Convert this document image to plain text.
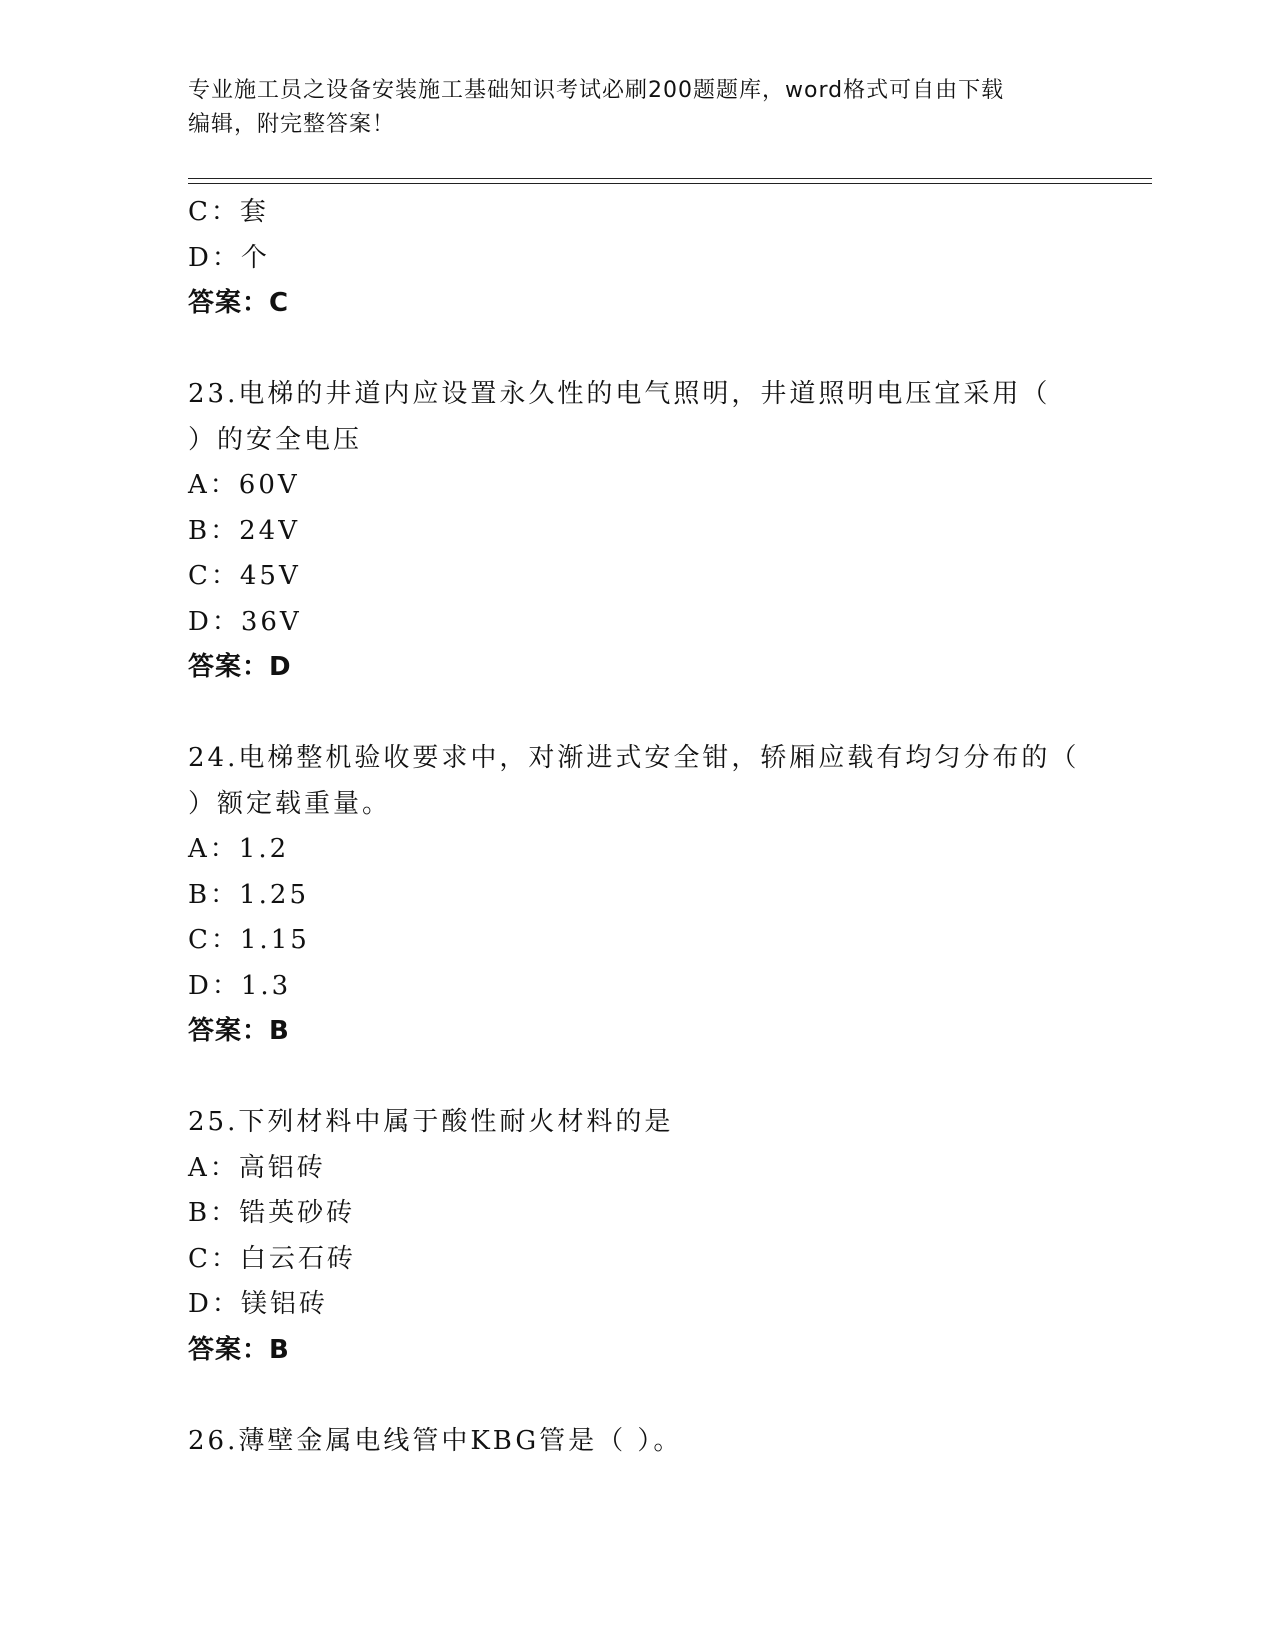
专业施工员之设备安装施工基础知识考试必刷200题题库，word格式可自由下载
编辑，附完整答案！
C：套
D：个
答案：C
23.电梯的井道内应设置永久性的电气照明，井道照明电压宜采用（
）的安全电压
A：60V
B：24V
C：45V
D：36V
答案：D
24.电梯整机验收要求中，对渐进式安全钳，轿厢应载有均匀分布的（
）额定载重量。
A：1.2
B：1.25
C：1.15
D：1.3
答案：B
25.下列材料中属于酸性耐火材料的是
A：高铝砖
B：锆英砂砖
C：白云石砖
D：镁铝砖
答案：B
26.薄壁金属电线管中KBG管是（ ）。
